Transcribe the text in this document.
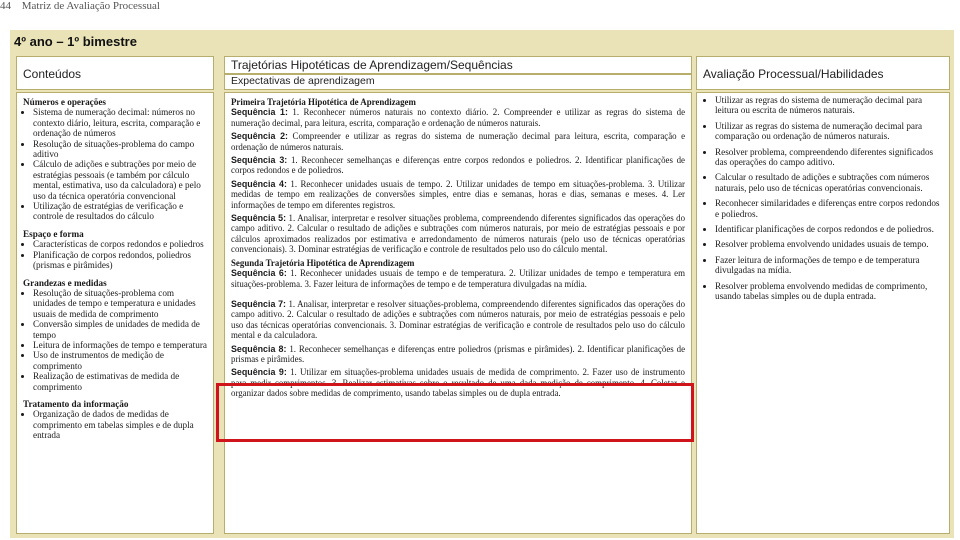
44 Matriz de Avaliação Processual
4º ano – 1º bimestre
Conteúdos
Trajetórias Hipotéticas de Aprendizagem/Sequências
Expectativas de aprendizagem	Avaliação Processual/Habilidades
Números e operações
• Sistema de numeração decimal: números no contexto diário, leitura, escrita, comparação e ordenação de números
• Resolução de situações-problema do campo aditivo
• Cálculo de adições e subtrações por meio de estratégias pessoais (e também por cálculo mental, estimativa, uso da calculadora) e pelo uso da técnica operatória convencional
• Utilização de estratégias de verificação e controle de resultados do cálculo
Espaço e forma
• Características de corpos redondos e poliedros
• Planificação de corpos redondos, poliedros (prismas e pirâmides)
Grandezas e medidas
• Resolução de situações-problema com unidades de tempo e temperatura e unidades usuais de medida de comprimento
• Conversão simples de unidades de medida de tempo
• Leitura de informações de tempo e temperatura
• Uso de instrumentos de medição de comprimento
• Realização de estimativas de medida de comprimento
Tratamento da informação
• Organização de dados de medidas de comprimento em tabelas simples e de dupla entrada
Primeira Trajetória Hipotética de Aprendizagem
Sequência 1: 1. Reconhecer números naturais no contexto diário. 2. Compreender e utilizar as regras do sistema de numeração decimal, para leitura, escrita, comparação e ordenação de números naturais.
Sequência 2: Compreender e utilizar as regras do sistema de numeração decimal para leitura, escrita, comparação e ordenação de números naturais.
Sequência 3: 1. Reconhecer semelhanças e diferenças entre corpos redondos e poliedros. 2. Identificar planificações de corpos redondos e de poliedros.
Sequência 4: 1. Reconhecer unidades usuais de tempo. 2. Utilizar unidades de tempo em situações-problema. 3. Utilizar medidas de tempo em realizações de conversões simples, entre dias e semanas, horas e dias, semanas e meses. 4. Ler informações de tempo em diferentes registros.
Sequência 5: 1. Analisar, interpretar e resolver situações problema, compreendendo diferentes significados das operações do campo aditivo. 2. Calcular o resultado de adições e subtrações com números naturais, por meio de estratégias pessoais e por cálculos aproximados realizados por estimativa e arredondamento de números naturais (pelo uso de técnicas operatórias convencionais). 3. Dominar estratégias de verificação e controle de resultados pelo uso do cálculo mental.
Segunda Trajetória Hipotética de Aprendizagem
Sequência 6: 1. Reconhecer unidades usuais de tempo e de temperatura. 2. Utilizar unidades de tempo e temperatura em situações-problema. 3. Fazer leitura de informações de tempo e de temperatura divulgadas na mídia.
Sequência 7: 1. Analisar, interpretar e resolver situações-problema, compreendendo diferentes significados das operações do campo aditivo. 2. Calcular o resultado de adições e subtrações com números naturais, por meio de estratégias pessoais e pelo uso das técnicas operatórias convencionais. 3. Dominar estratégias de verificação e controle de resultados pelo uso do cálculo mental e da calculadora.
Sequência 8: 1. Reconhecer semelhanças e diferenças entre poliedros (prismas e pirâmides). 2. Identificar planificações de prismas e pirâmides.
Sequência 9: 1. Utilizar em situações-problema unidades usuais de medida de comprimento. 2. Fazer uso de instrumento para medir comprimentos. 3. Realizar estimativas sobre o resultado de uma dada medição de comprimento. 4. Coletar e organizar dados sobre medidas de comprimento, usando tabelas simples ou de dupla entrada.
• Utilizar as regras do sistema de numeração decimal para leitura ou escrita de números naturais.
• Utilizar as regras do sistema de numeração decimal para comparação ou ordenação de números naturais.
• Resolver problema, compreendendo diferentes significados das operações do campo aditivo.
• Calcular o resultado de adições e subtrações com números naturais, pelo uso de técnicas operatórias convencionais.
• Reconhecer similaridades e diferenças entre corpos redondos e poliedros.
• Identificar planificações de corpos redondos e de poliedros.
• Resolver problema envolvendo unidades usuais de tempo.
• Fazer leitura de informações de tempo e de temperatura divulgadas na mídia.
• Resolver problema envolvendo medidas de comprimento, usando tabelas simples ou de dupla entrada.
